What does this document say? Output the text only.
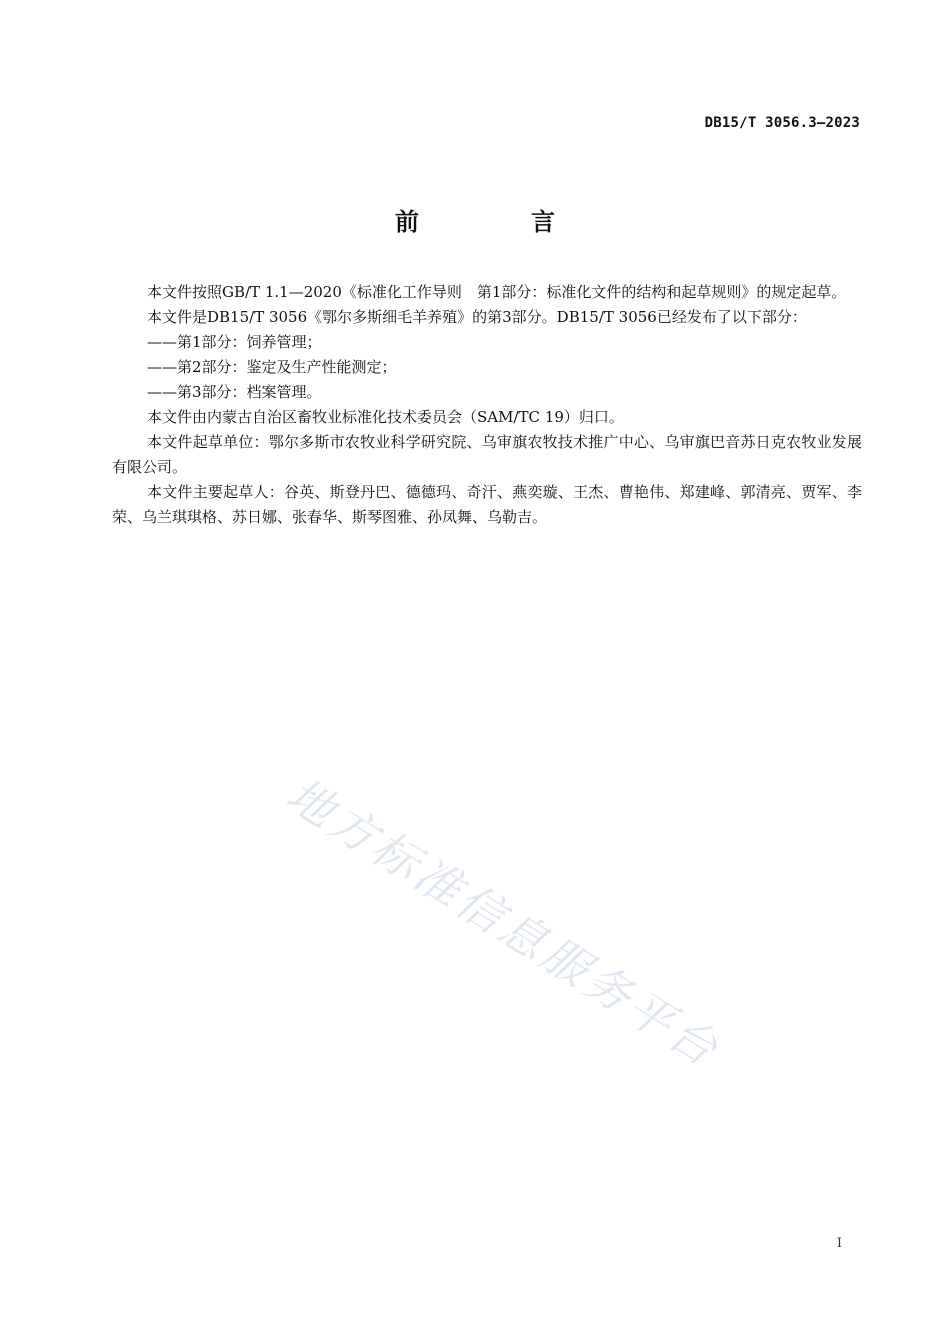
DB15/T 3056.3—2023
前　言

本文件按照GB/T 1.1—2020《标准化工作导则　第1部分：标准化文件的结构和起草规则》的规定起草。

本文件是DB15/T 3056《鄂尔多斯细毛羊养殖》的第3部分。DB15/T 3056已经发布了以下部分：

——第1部分：饲养管理；

——第2部分：鉴定及生产性能测定；

——第3部分：档案管理。

本文件由内蒙古自治区畜牧业标准化技术委员会（SAM/TC 19）归口。

本文件起草单位：鄂尔多斯市农牧业科学研究院、乌审旗农牧技术推广中心、乌审旗巴音苏日克农牧业发展有限公司。

本文件主要起草人：谷英、斯登丹巴、德德玛、奇汗、燕奕璇、王杰、曹艳伟、郑建峰、郭清亮、贾军、李荣、乌兰琪琪格、苏日娜、张春华、斯琴图雅、孙凤舞、乌勒吉。

地方标准信息服务平台
I
